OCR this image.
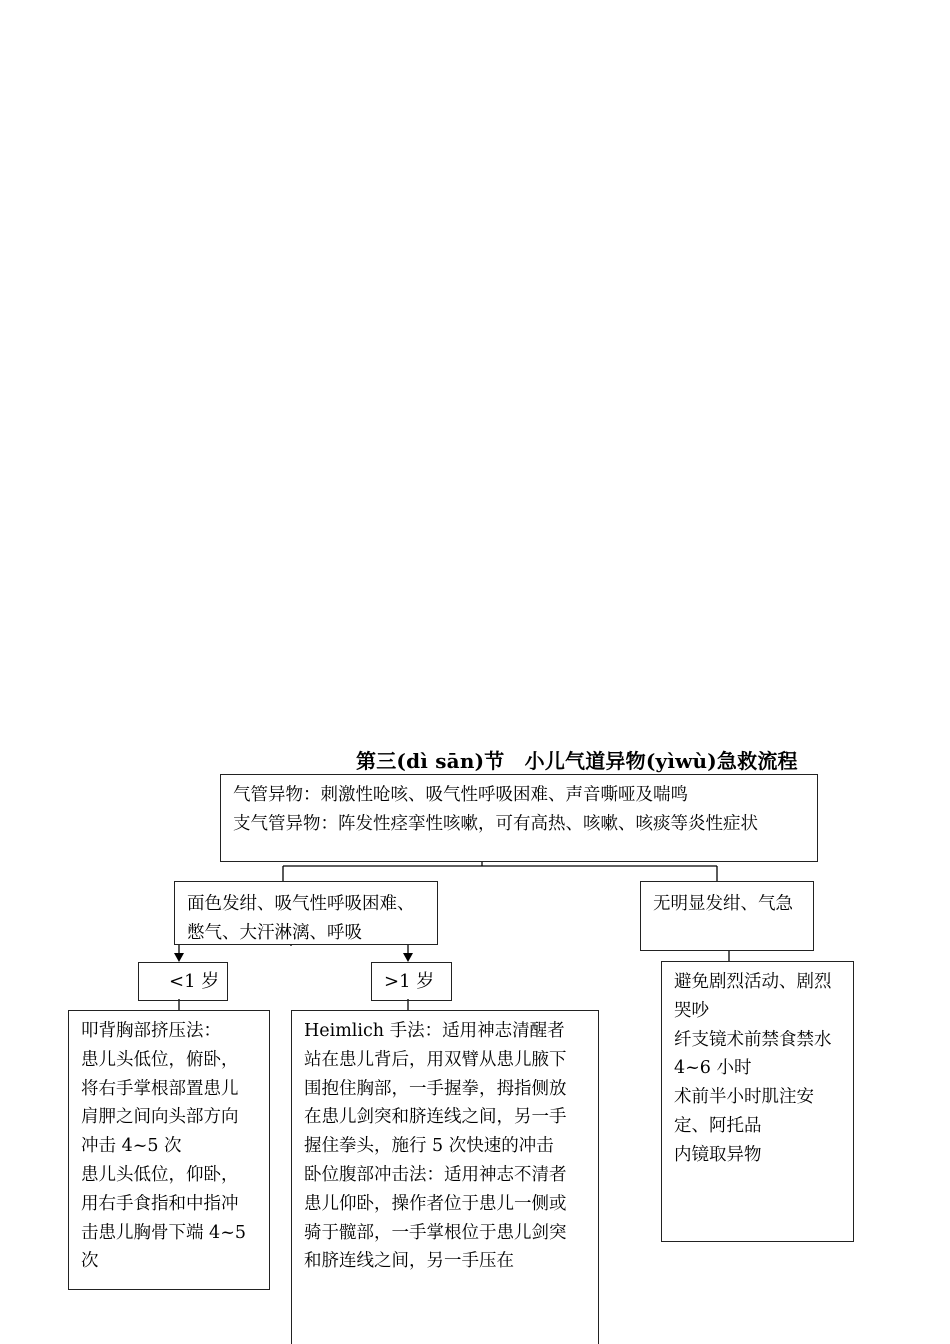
第三(dì sān)节　小儿气道异物(yìwù)急救流程
气管异物：刺激性呛咳、吸气性呼吸困难、声音嘶哑及喘鸣
支气管异物：阵发性痉挛性咳嗽，可有高热、咳嗽、咳痰等炎性症状
面色发绀、吸气性呼吸困难、憋气、大汗淋漓、呼吸
无明显发绀、气急
<1 岁	>1 岁
叩背胸部挤压法：
患儿头低位，俯卧，将右手掌根部置患儿肩胛之间向头部方向冲击 4~5 次
患儿头低位，仰卧，用右手食指和中指冲击患儿胸骨下端 4~5 次
Heimlich 手法：适用神志清醒者
站在患儿背后，用双臂从患儿腋下围抱住胸部，一手握拳，拇指侧放在患儿剑突和脐连线之间，另一手握住拳头，施行 5 次快速的冲击
卧位腹部冲击法：适用神志不清者
患儿仰卧，操作者位于患儿一侧或骑于髋部，一手掌根位于患儿剑突和脐连线之间，另一手压在
避免剧烈活动、剧烈哭吵
纤支镜术前禁食禁水 4~6 小时
术前半小时肌注安定、阿托品
内镜取异物
